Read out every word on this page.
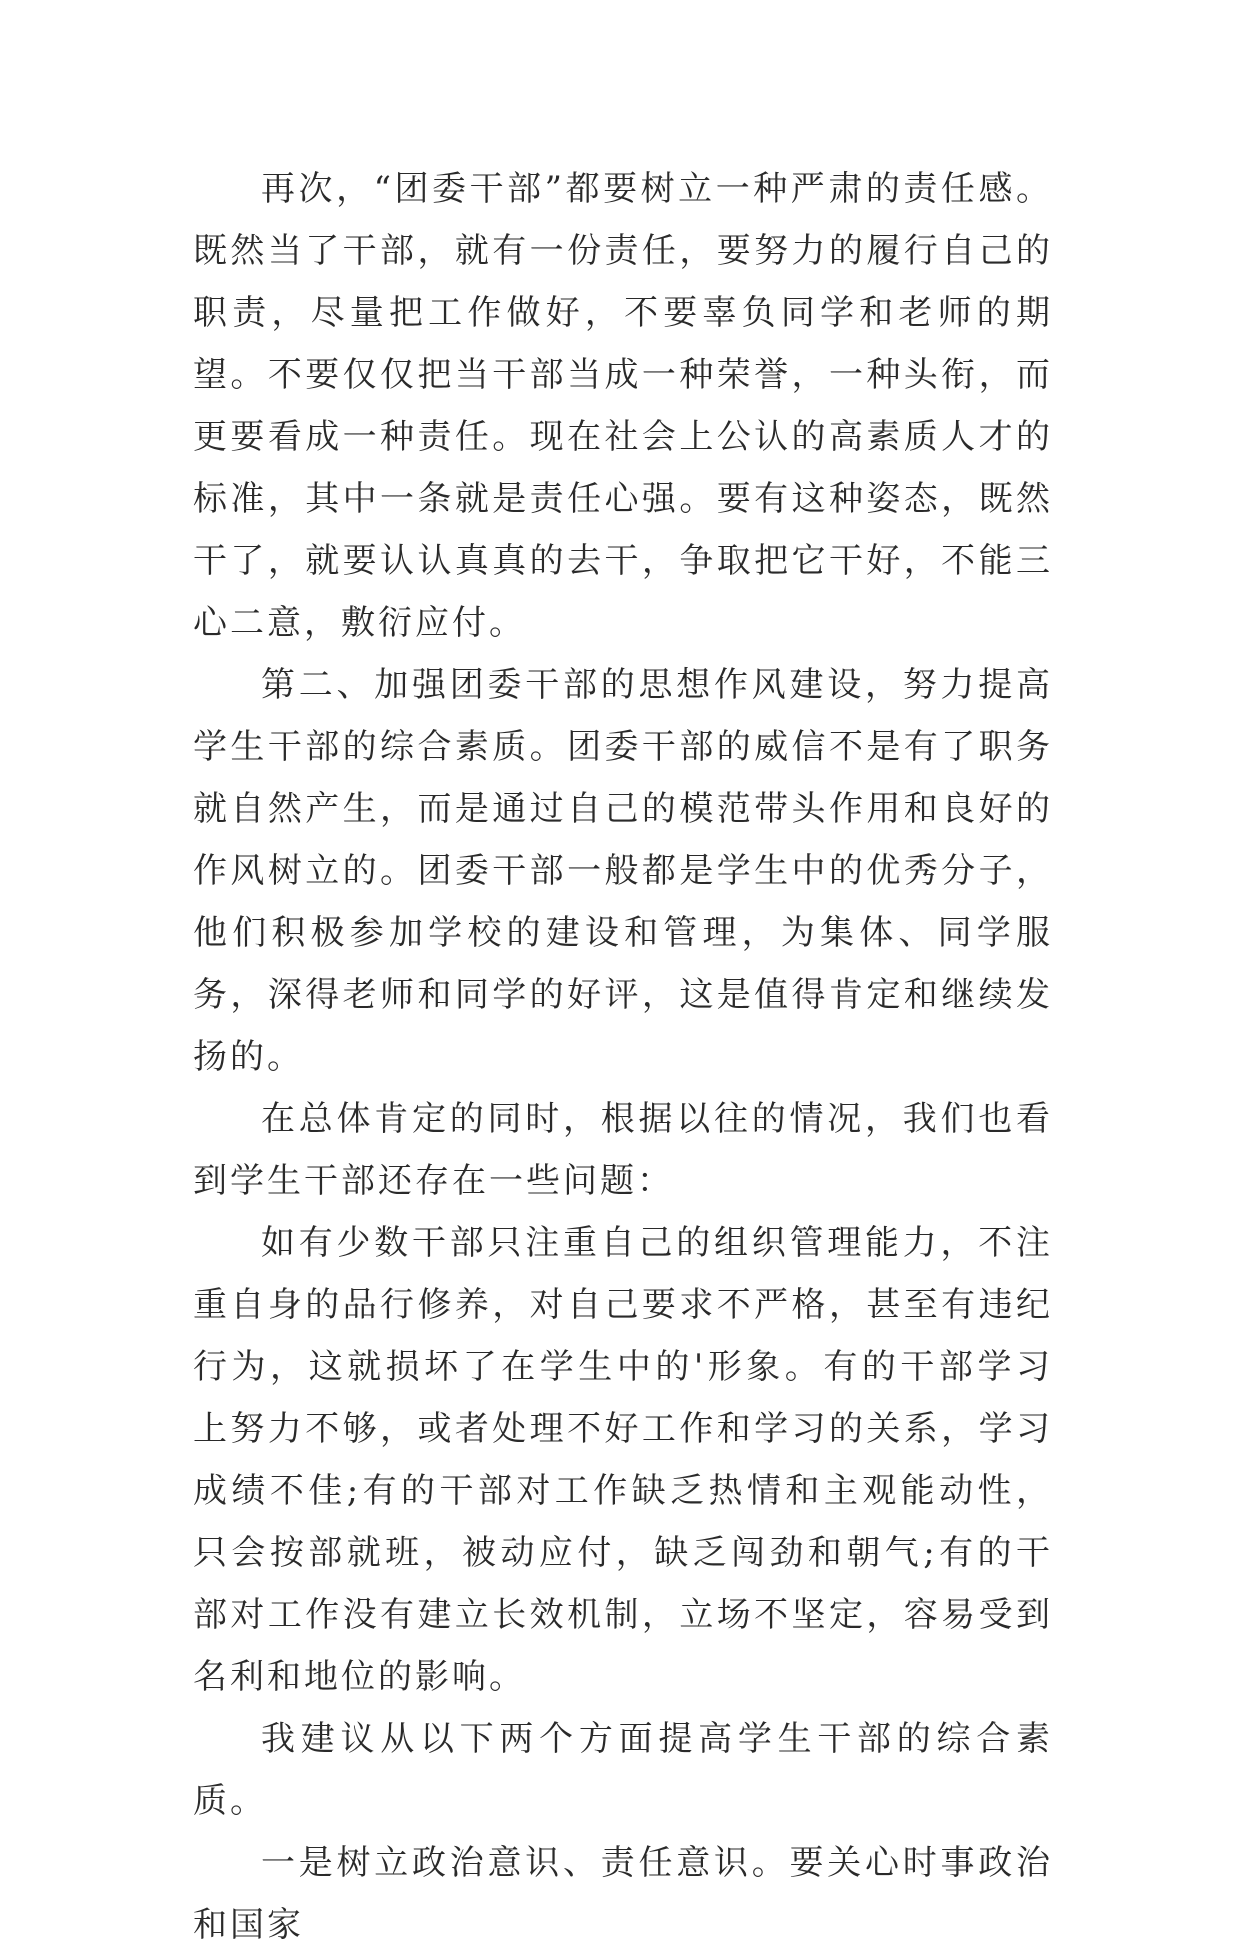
再次，“团委干部”都要树立一种严肃的责任感。既然当了干部，就有一份责任，要努力的履行自己的职责，尽量把工作做好，不要辜负同学和老师的期望。不要仅仅把当干部当成一种荣誉，一种头衔，而更要看成一种责任。现在社会上公认的高素质人才的标准，其中一条就是责任心强。要有这种姿态，既然干了，就要认认真真的去干，争取把它干好，不能三心二意，敷衍应付。

第二、加强团委干部的思想作风建设，努力提高学生干部的综合素质。团委干部的威信不是有了职务就自然产生，而是通过自己的模范带头作用和良好的作风树立的。团委干部一般都是学生中的优秀分子，他们积极参加学校的建设和管理，为集体、同学服务，深得老师和同学的好评，这是值得肯定和继续发扬的。

在总体肯定的同时，根据以往的情况，我们也看到学生干部还存在一些问题：

如有少数干部只注重自己的组织管理能力，不注重自身的品行修养，对自己要求不严格，甚至有违纪行为，这就损坏了在学生中的'形象。有的干部学习上努力不够，或者处理不好工作和学习的关系，学习成绩不佳;有的干部对工作缺乏热情和主观能动性，只会按部就班，被动应付，缺乏闯劲和朝气;有的干部对工作没有建立长效机制，立场不坚定，容易受到名利和地位的影响。

我建议从以下两个方面提高学生干部的综合素质。

一是树立政治意识、责任意识。要关心时事政治和国家
